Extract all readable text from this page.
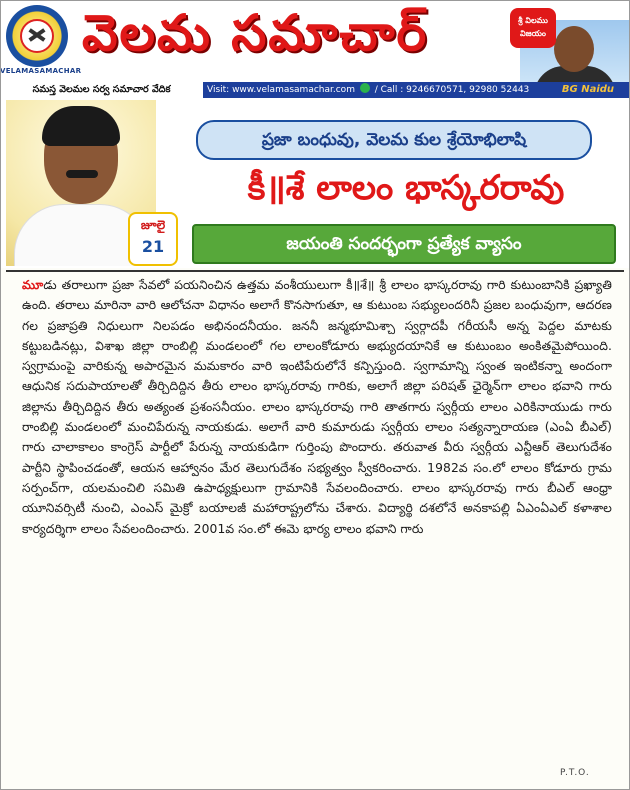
VELAMASAMACHAR
వెలమ సమాచార్	శ్రీ విలము విజయం
సమస్త వెలమల సర్వ సమాచార వేదిక	Visit: www.velamasamachar.com / Call : 9246670571, 92980 52443	BG Naidu
జూలై
21
ప్రజా బంధువు, వెలమ కుల శ్రేయోభిలాషి
కీ॥శే లాలం భాస్కరరావు
జయంతి సందర్భంగా ప్రత్యేక వ్యాసం

మూడు తరాలుగా ప్రజా సేవలో పయనించిన ఉత్తమ వంశీయులుగా కీ॥శే॥ శ్రీ లాలం భాస్కరరావు గారి కుటుంబానికి ప్రఖ్యాతి ఉంది. తరాలు మారినా వారి ఆలోచనా విధానం అలాగే కొనసాగుతూ, ఆ కుటుంబ సభ్యులందరినీ ప్రజల బంధువుగా, ఆదరణ గల ప్రజాప్రతి నిధులుగా నిలపడం అభినందనీయం. జననీ జన్మభూమిశ్చా స్వర్గాదపీ గరీయసీ అన్న పెద్దల మాటకు కట్టుబడినట్లు, విశాఖ జిల్లా రాంబిల్లి మండలంలో గల లాలంకోడూరు అభ్యుదయానికే ఆ కుటుంబం అంకితమైపోయింది. స్వగ్రామంపై వారికున్న అపారమైన మమకారం వారి ఇంటిపేరులోనే కన్పిస్తుంది. స్వగామాన్ని స్వంత ఇంటికన్నా అందంగా ఆధునిక సదుపాయాలతో తీర్చిదిద్దిన తీరు లాలం భాస్కరరావు గారికు, అలాగే జిల్లా పరిషత్ ఛైర్మెన్‌గా లాలం భవాని గారు జిల్లాను తీర్చిదిద్దిన తీరు అత్యంత ప్రశంసనీయం. లాలం భాస్కరరావు గారి తాతగారు స్వర్గీయ లాలం ఎరికినాయుడు గారు రాంబిల్లి మండలంలో మంచిపేరున్న నాయకుడు. అలాగే వారి కుమారుడు స్వర్గీయ లాలం సత్యన్నారాయణ (ఎంఏ బీఎల్) గారు చాలాకాలం కాంగ్రెస్ పార్టీలో పేరున్న నాయకుడిగా గుర్తింపు పొందారు. తరువాత వీరు స్వర్గీయ ఎన్టీఆర్ తెలుగుదేశం పార్టీని స్థాపించడంతో, ఆయన ఆహ్వానం మేర తెలుగుదేశం సభ్యత్వం స్వీకరించారు. 1982వ సం.లో లాలం కోడూరు గ్రామ సర్పంచ్‌గా, యలమంచిలి సమితి ఉపాధ్యక్షులుగా గ్రామానికి సేవలందించారు. లాలం భాస్కరరావు గారు బీఎల్ ఆంధ్రా యూనివర్సిటీ నుంచి, ఎంఎస్ మైక్రో బయాలజీ మహారాష్ట్రలోను చేశారు. విద్యార్థి దశలోనే అనకాపల్లి ఏఎంఏఎల్ కళాశాల కార్యదర్శిగా లాలం సేవలందించారు. 2001వ సం.లో ఈమె భార్య లాలం భవాని గారు

P.T.O.
